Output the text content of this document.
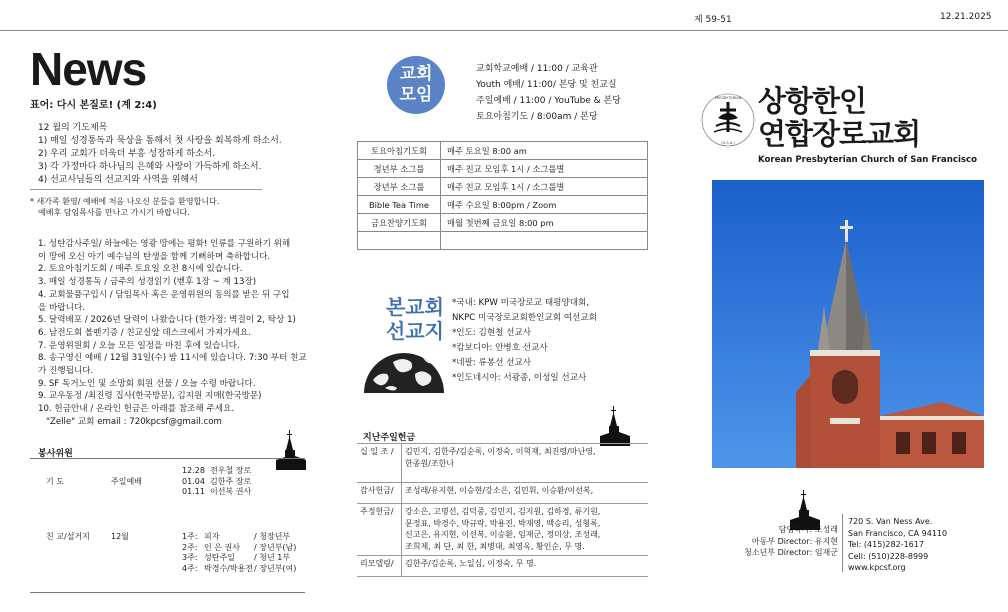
제 59-51	12.21.2025
News
표어: 다시 본질로! (계 2:4)
12 월의 기도제목
1) 매일 성경통독과 묵상을 통해서 첫 사랑을 회복하게 하소서.
2) 우리 교회가 더욱더 부흥 성장하게 하소서.
3) 각 가정마다 하나님의 은혜와 사랑이 가득하게 하소서.
4) 선교사님들의 선교지와 사역을 위해서
* 새가족 환영/ 예배에 처음 나오신 분들을 환영합니다.
예배후 담임목사를 만나고 가시기 바랍니다.
1. 성탄감사주일/ 하늘에는 영광 땅에는 평화! 인류를 구원하기 위해
이 땅에 오신 아기 예수님의 탄생을 함께 기뻐하며 축하합니다.
2. 토요아침기도회 / 매주 토요일 오전 8시에 있습니다.
3. 매일 성경통독 / 금주의 성경읽기 (벧후 1장 ~ 계 13장)
4. 교회물품구입시 / 담임목사 혹은 운영위원의 동의를 받은 뒤 구입
을 바랍니다.
5. 달력배포 / 2026년 달력이 나왔습니다 (한가정: 벽걸이 2, 탁상 1)
6. 남전도회 볼펜기증 / 친교실앞 데스크에서 가져가세요.
7. 운영위원회 / 오늘 모든 일정을 마친 후에 있습니다.
8. 송구영신 예배 / 12월 31일(수) 밤 11시에 있습니다. 7:30 부터 친교
가 진행됩니다.
9. SF 독거노인 및 소망회 회원 선물 / 오늘 수령 바랍니다.
9. 교우동정 /최진령 집사(한국방문), 김지원 지매(한국방문)
10. 헌금안내 / 온라인 헌금은 아래를 참조해 주세요.
"Zelle" 교회 email : 720kpcsf@gmail.com
봉사위원
기 도	주일예배
12.28 전우철 장로
01.04 김한주 장로
01.11 이선복 권사
친 교/설거지	12월	1주: 피자	/ 청장년부
2주: 인 은 권사	/ 장년부(남)
3주: 성탄주일	/ 청년 1부
4주: 박경수/박용전 / 장년부(여)
교회
모임
교회학교예배 / 11:00 / 교육관
Youth 예배/ 11:00/ 본당 및 친교실
주일예배 / 11:00 / YouTube & 본당
토요아침기도 / 8:00am / 본당
토요아침기도회	매주 토요일 8:00 am
청년부 소그룹	매주 친교 모임후 1시 / 소그룹별
장년부 소그룹	매주 친교 모임후 1시 / 소그룹별
Bible Tea Time	매주 수요일 8:00pm / Zoom
금요찬양기도회	매월 첫번째 금요일 8:00 pm

본교회
선교지
*국내: KPW 미국장로교 태평양대회,
NKPC 미국장로교회한인교회 여선교회
*인도: 김현철 선교사
*캄보디아: 안병호 선교사
*네팔: 류봉선 선교사
*인도네시아: 서광종, 이성일 선교사
지난주일헌금
십 일 조 /	김민지, 김한주/김순록, 이정숙, 이혁재, 최진령/마난영,
한종원/조한나
감사헌금/	조성래/유지현, 이승현/강소은, 김민휘, 이승환/이선복,
주정헌금/	강소은, 고명선, 김덕중, 김민지, 김지원, 김하경, 류기원,
문정표, 박경수, 박규락, 박용진, 박재영, 백승리, 성형록,
신고은, 유지현, 이선복, 이승환, 임재군, 정미상, 조성래,
조희제, 최 단, 최 한, 최병대, 최영옥, 황인순, 무 명.
리모델링/	김한주/김순록, 노일심, 이정숙, 무 명.
PRESBYTERIAN
(U.S.A.)
상항한인
연합장로교회
Korean Presbyterian Church of San Francisco
담임목사: 조성래
아동부 Director: 유지현
청소년부 Director: 임재군
720 S. Van Ness Ave.
San Francisco, CA 94110
Tel: (415)282-1617
Cell: (510)228-8999
www.kpcsf.org
